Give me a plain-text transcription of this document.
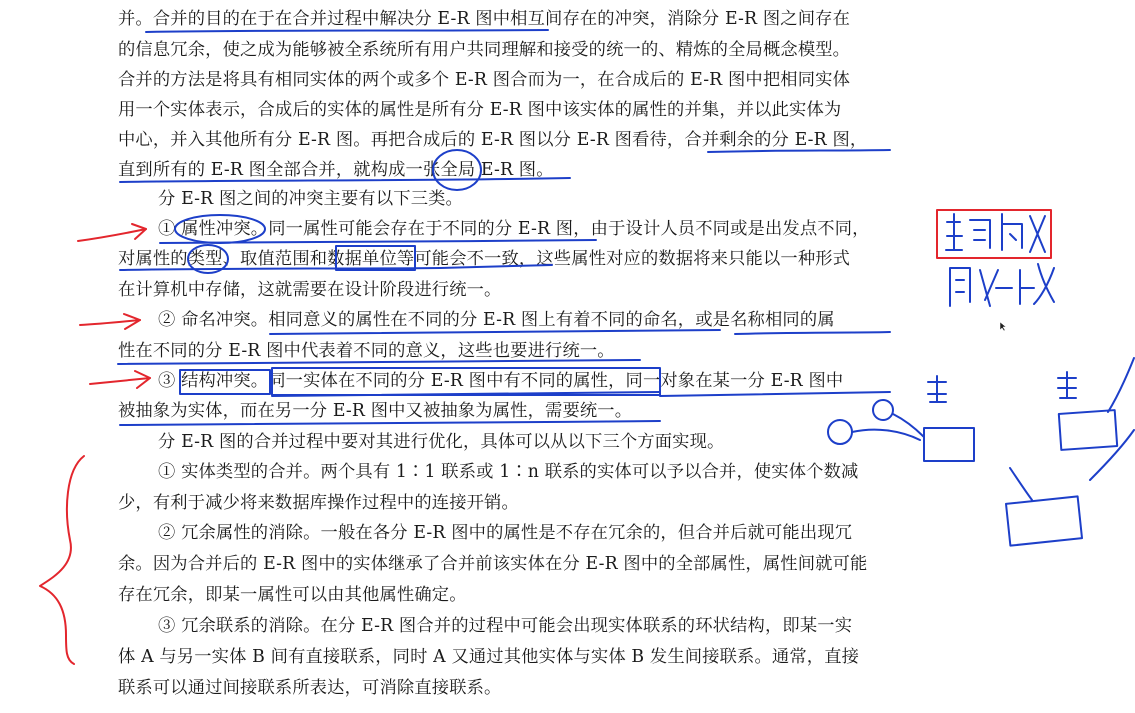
并。合并的目的在于在合并过程中解决分 E-R 图中相互间存在的冲突，消除分 E-R 图之间存在
的信息冗余，使之成为能够被全系统所有用户共同理解和接受的统一的、精炼的全局概念模型。
合并的方法是将具有相同实体的两个或多个 E-R 图合而为一，在合成后的 E-R 图中把相同实体
用一个实体表示，合成后的实体的属性是所有分 E-R 图中该实体的属性的并集，并以此实体为
中心，并入其他所有分 E-R 图。再把合成后的 E-R 图以分 E-R 图看待，合并剩余的分 E-R 图，
直到所有的 E-R 图全部合并，就构成一张全局 E-R 图。
分 E-R 图之间的冲突主要有以下三类。
① 属性冲突。同一属性可能会存在于不同的分 E-R 图，由于设计人员不同或是出发点不同，
对属性的类型、取值范围和数据单位等可能会不一致，这些属性对应的数据将来只能以一种形式
在计算机中存储，这就需要在设计阶段进行统一。
② 命名冲突。相同意义的属性在不同的分 E-R 图上有着不同的命名，或是名称相同的属
性在不同的分 E-R 图中代表着不同的意义，这些也要进行统一。
③ 结构冲突。同一实体在不同的分 E-R 图中有不同的属性，同一对象在某一分 E-R 图中
被抽象为实体，而在另一分 E-R 图中又被抽象为属性，需要统一。
分 E-R 图的合并过程中要对其进行优化，具体可以从以下三个方面实现。
① 实体类型的合并。两个具有 1∶1 联系或 1∶n 联系的实体可以予以合并，使实体个数减
少，有利于减少将来数据库操作过程中的连接开销。
② 冗余属性的消除。一般在各分 E-R 图中的属性是不存在冗余的，但合并后就可能出现冗
余。因为合并后的 E-R 图中的实体继承了合并前该实体在分 E-R 图中的全部属性，属性间就可能
存在冗余，即某一属性可以由其他属性确定。
③ 冗余联系的消除。在分 E-R 图合并的过程中可能会出现实体联系的环状结构，即某一实
体 A 与另一实体 B 间有直接联系，同时 A 又通过其他实体与实体 B 发生间接联系。通常，直接
联系可以通过间接联系所表达，可消除直接联系。
